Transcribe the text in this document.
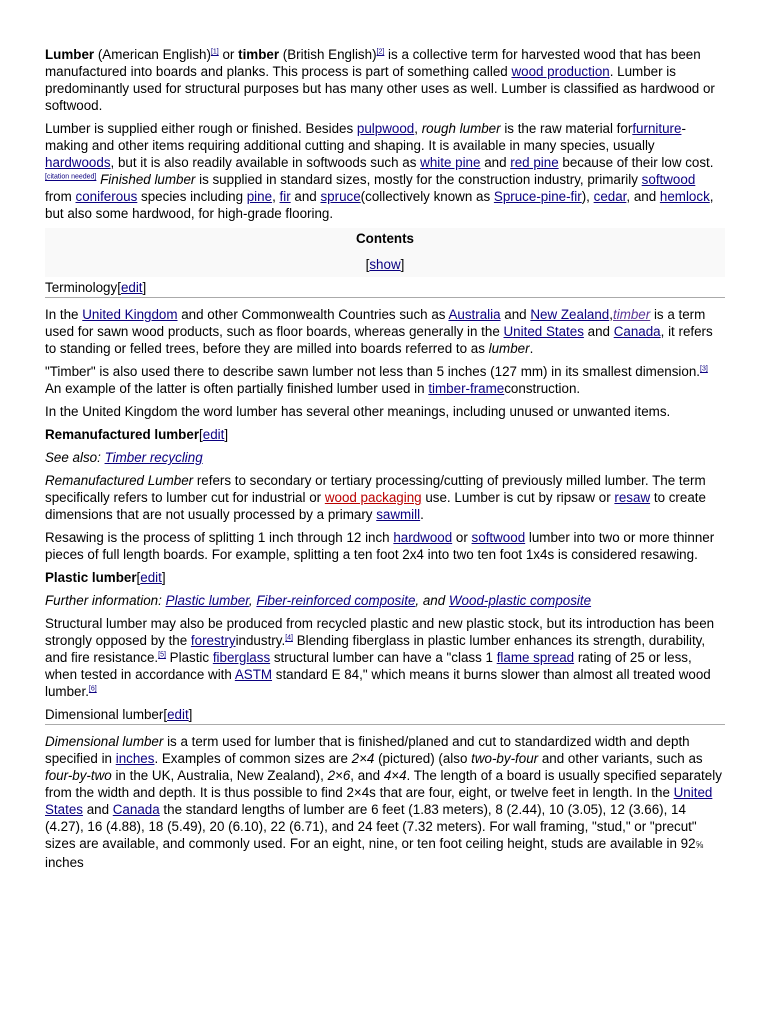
Lumber (American English)[1] or timber (British English)[2] is a collective term for harvested wood that has been manufactured into boards and planks. This process is part of something called wood production. Lumber is predominantly used for structural purposes but has many other uses as well. Lumber is classified as hardwood or softwood.

Lumber is supplied either rough or finished. Besides pulpwood, rough lumber is the raw material forfurniture-making and other items requiring additional cutting and shaping. It is available in many species, usually hardwoods, but it is also readily available in softwoods such as white pine and red pine because of their low cost.[citation needed] Finished lumber is supplied in standard sizes, mostly for the construction industry, primarily softwood from coniferous species including pine, fir and spruce(collectively known as Spruce-pine-fir), cedar, and hemlock, but also some hardwood, for high-grade flooring.

Contents
[show]
Terminology[edit]

In the United Kingdom and other Commonwealth Countries such as Australia and New Zealand,timber is a term used for sawn wood products, such as floor boards, whereas generally in the United States and Canada, it refers to standing or felled trees, before they are milled into boards referred to as lumber.

"Timber" is also used there to describe sawn lumber not less than 5 inches (127 mm) in its smallest dimension.[3] An example of the latter is often partially finished lumber used in timber-frameconstruction.

In the United Kingdom the word lumber has several other meanings, including unused or unwanted items.

Remanufactured lumber[edit]
See also: Timber recycling

Remanufactured Lumber refers to secondary or tertiary processing/cutting of previously milled lumber. The term specifically refers to lumber cut for industrial or wood packaging use. Lumber is cut by ripsaw or resaw to create dimensions that are not usually processed by a primary sawmill.

Resawing is the process of splitting 1 inch through 12 inch hardwood or softwood lumber into two or more thinner pieces of full length boards. For example, splitting a ten foot 2x4 into two ten foot 1x4s is considered resawing.

Plastic lumber[edit]
Further information: Plastic lumber, Fiber-reinforced composite, and Wood-plastic composite

Structural lumber may also be produced from recycled plastic and new plastic stock, but its introduction has been strongly opposed by the forestryindustry.[4] Blending fiberglass in plastic lumber enhances its strength, durability, and fire resistance.[5] Plastic fiberglass structural lumber can have a "class 1 flame spread rating of 25 or less, when tested in accordance with ASTM standard E 84," which means it burns slower than almost all treated wood lumber.[6]

Dimensional lumber[edit]

Dimensional lumber is a term used for lumber that is finished/planed and cut to standardized width and depth specified in inches. Examples of common sizes are 2×4 (pictured) (also two-by-four and other variants, such as four-by-two in the UK, Australia, New Zealand), 2×6, and 4×4. The length of a board is usually specified separately from the width and depth. It is thus possible to find 2×4s that are four, eight, or twelve feet in length. In the United States and Canada the standard lengths of lumber are 6 feet (1.83 meters), 8 (2.44), 10 (3.05), 12 (3.66), 14 (4.27), 16 (4.88), 18 (5.49), 20 (6.10), 22 (6.71), and 24 feet (7.32 meters). For wall framing, "stud," or "precut" sizes are available, and commonly used. For an eight, nine, or ten foot ceiling height, studs are available in 92⅝ inches
